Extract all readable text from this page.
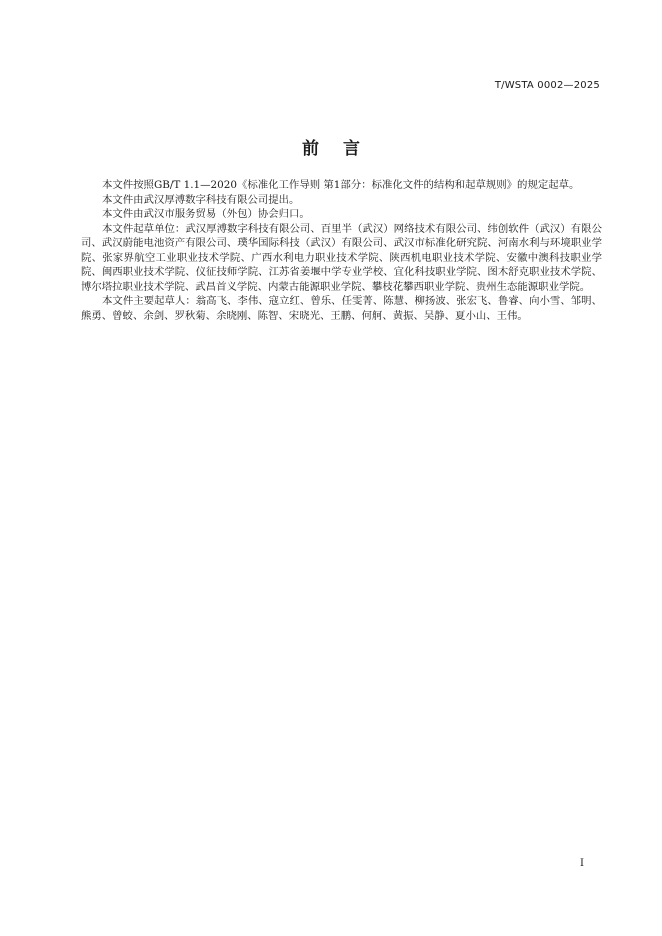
T/WSTA 0002—2025
前言

本文件按照GB/T 1.1—2020《标准化工作导则 第1部分：标准化文件的结构和起草规则》的规定起草。

本文件由武汉厚溥数字科技有限公司提出。

本文件由武汉市服务贸易（外包）协会归口。

本文件起草单位：武汉厚溥数字科技有限公司、百里半（武汉）网络技术有限公司、纬创软件（武汉）有限公司、武汉蔚能电池资产有限公司、璞华国际科技（武汉）有限公司、武汉市标准化研究院、河南水利与环境职业学院、张家界航空工业职业技术学院、广西水利电力职业技术学院、陕西机电职业技术学院、安徽中澳科技职业学院、闽西职业技术学院、仪征技师学院、江苏省姜堰中学专业学校、宜化科技职业学院、图木舒克职业技术学院、博尔塔拉职业技术学院、武昌首义学院、内蒙古能源职业学院、攀枝花攀西职业学院、贵州生态能源职业学院。

本文件主要起草人：翁高飞、李伟、寇立红、曾乐、任雯菁、陈慧、柳扬波、张宏飞、鲁睿、向小雪、邹明、熊勇、曾蛟、余剑、罗秋菊、余晓刚、陈智、宋晓光、王鹏、何舸、黄振、吴静、夏小山、王伟。

I
